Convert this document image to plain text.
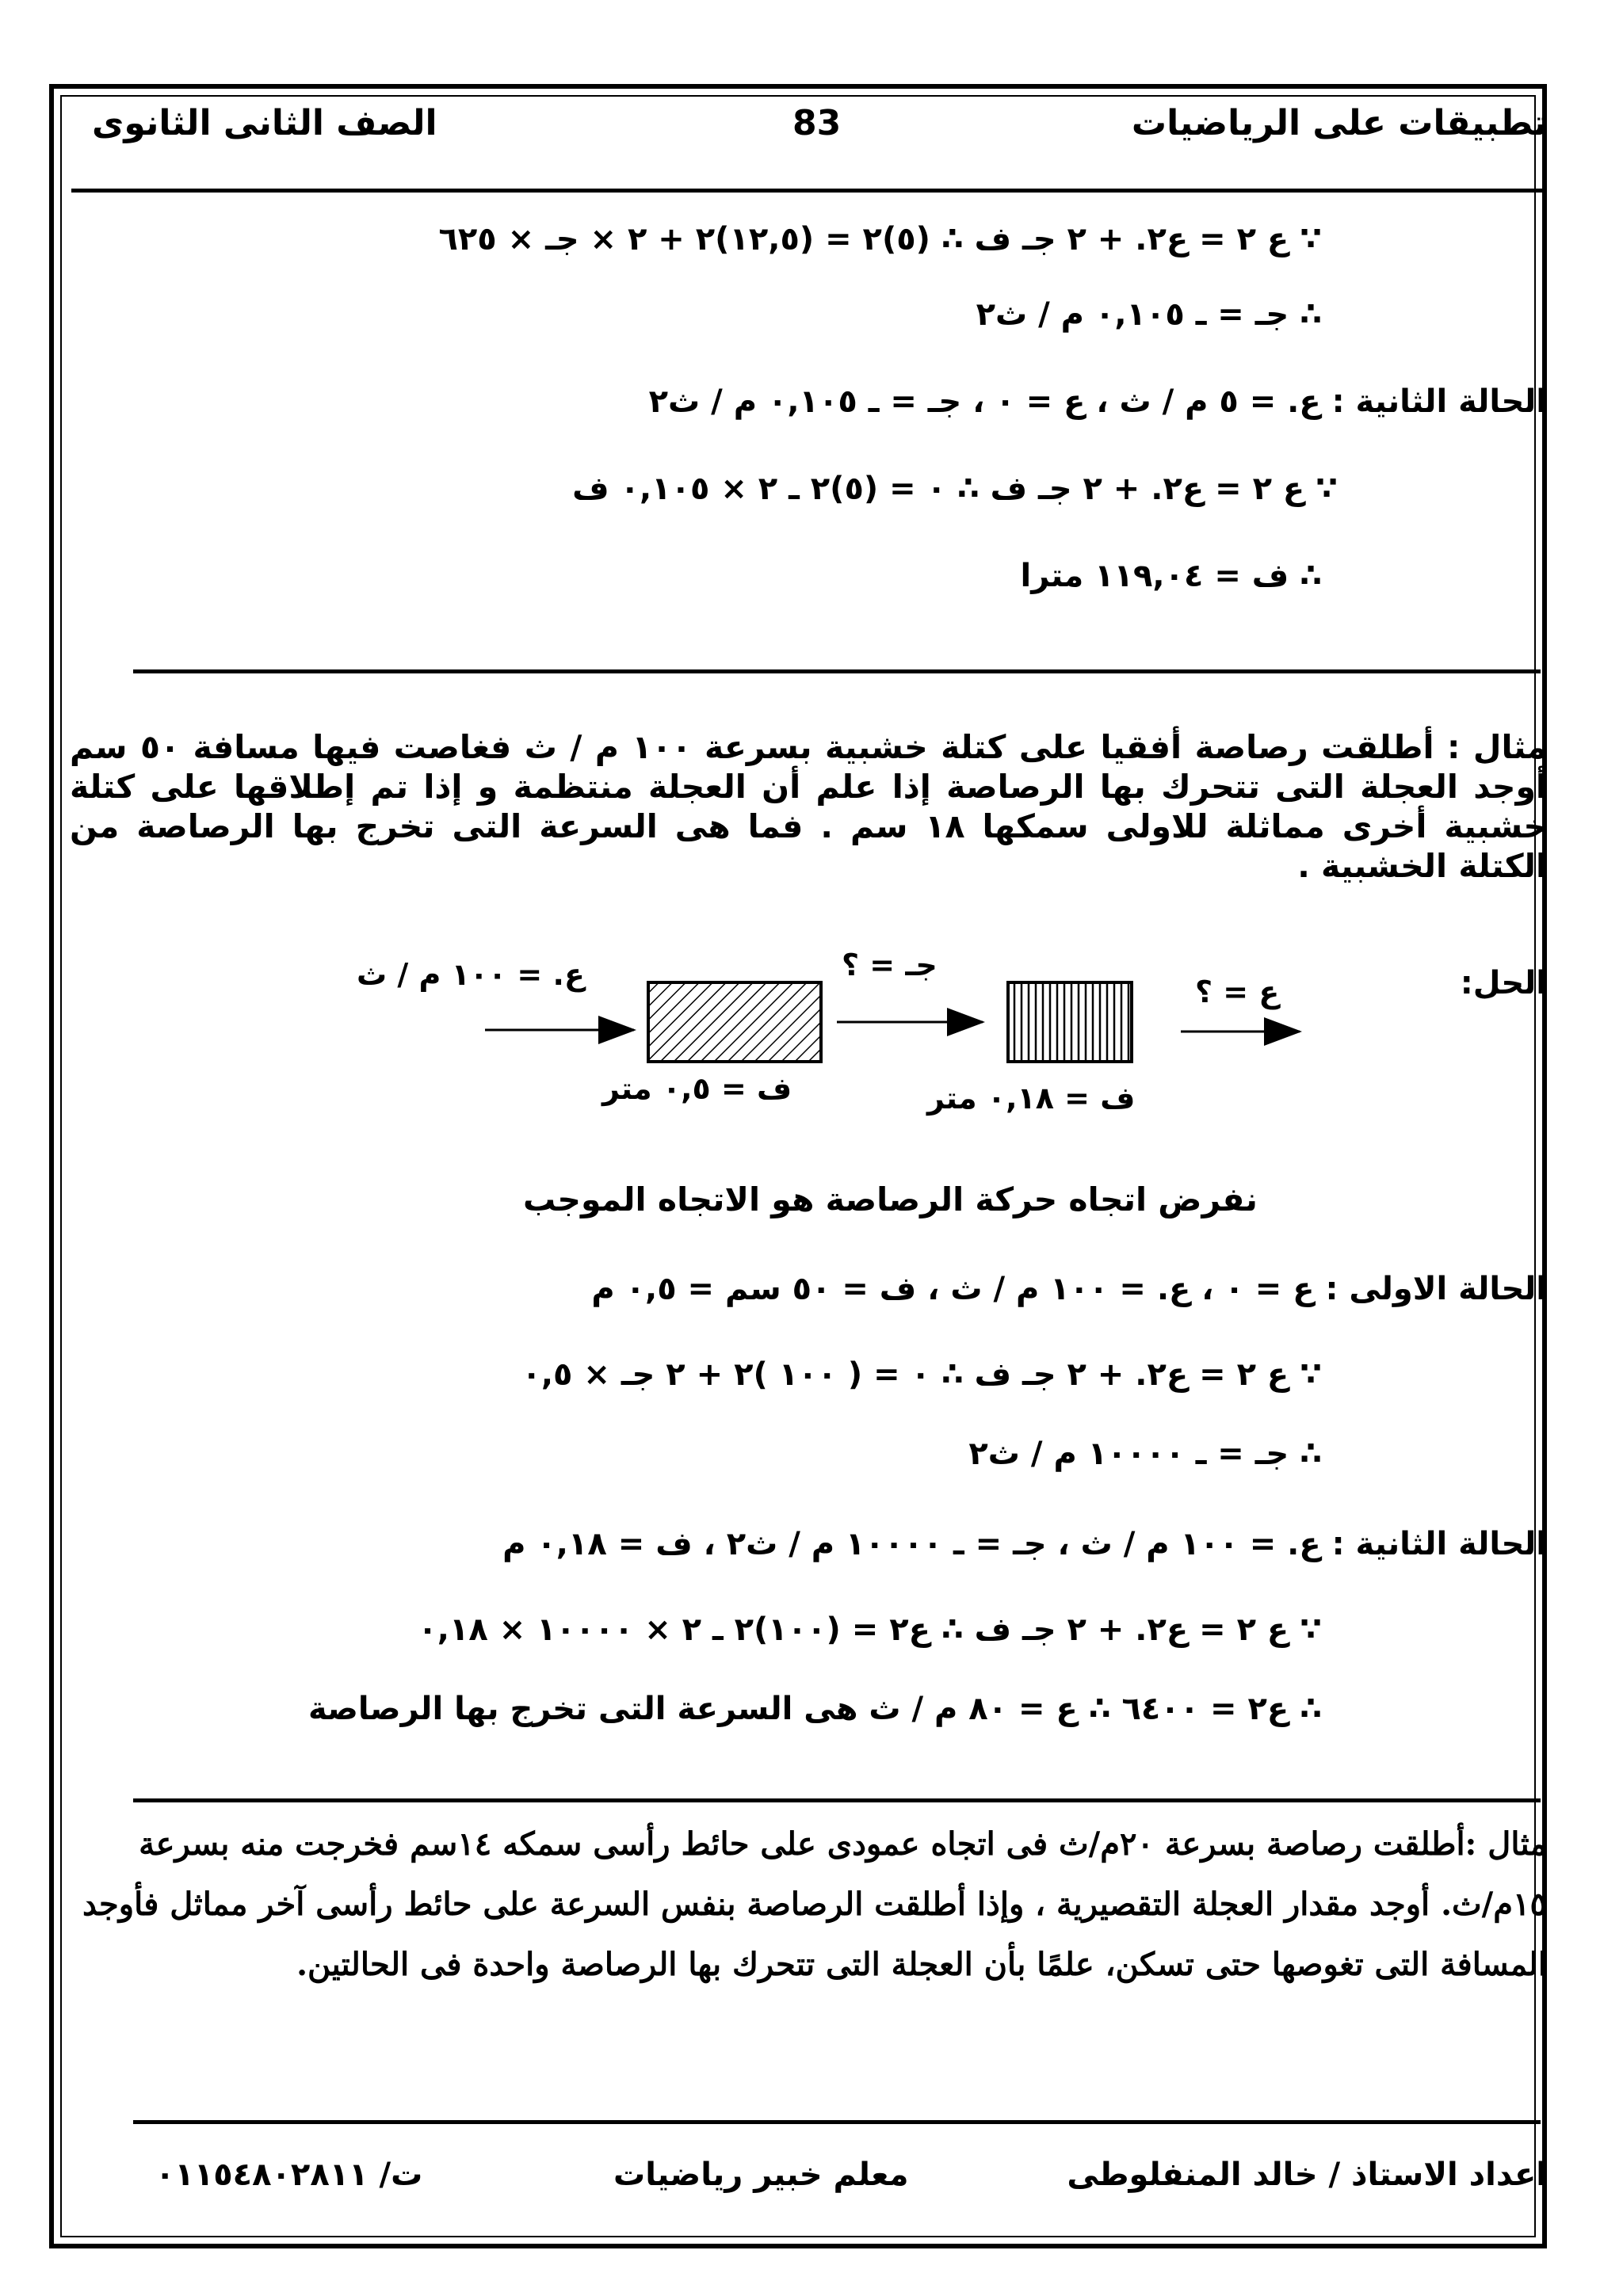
تطبيقات على الرياضيات
83
الصف الثانى الثانوى
∵ ع ۲ = ع۲. + ۲ جـ ف ∴ (٥)۲ = (۱۲,٥)۲ + ۲ × جـ × ٦۲٥
∴ جـ = ـ ۰,۱۰٥ م / ث۲
الحالة الثانية : ع. = ٥ م / ث ، ع = ۰ ، جـ = ـ ۰,۱۰٥ م / ث۲
∵ ع ۲ = ع۲. + ۲ جـ ف ∴ ۰ = (٥)۲ ـ ۲ × ۰,۱۰٥ ف
∴ ف = ۱۱۹,۰٤ مترا
مثال : أطلقت رصاصة أفقيا على كتلة خشبية بسرعة ۱۰۰ م / ث فغاصت فيها مسافة ٥۰ سم أوجد العجلة التى تتحرك بها الرصاصة إذا علم أن العجلة منتظمة و إذا تم إطلاقها على كتلة خشبية أخرى مماثلة للاولى سمكها ۱۸ سم . فما هى السرعة التى تخرج بها الرصاصة من الكتلة الخشبية .
الحل:
ع. = ۱۰۰ م / ث	جـ = ؟
ع = ؟
ف = ۰,٥ متر	ف = ۰,۱۸ متر
نفرض اتجاه حركة الرصاصة هو الاتجاه الموجب
الحالة الاولى : ع = ۰ ، ع. = ۱۰۰ م / ث ، ف = ٥۰ سم = ۰,٥ م
∵ ع ۲ = ع۲. + ۲ جـ ف ∴ ۰ = ( ۱۰۰ )۲ + ۲ جـ × ۰,٥
∴ جـ = ـ ۱۰۰۰۰ م / ث۲
الحالة الثانية : ع. = ۱۰۰ م / ث ، جـ = ـ ۱۰۰۰۰ م / ث۲ ، ف = ۰,۱۸ م
∵ ع ۲ = ع۲. + ۲ جـ ف ∴ ع۲ = (۱۰۰)۲ ـ ۲ × ۱۰۰۰۰ × ۰,۱۸
∴ ع۲ = ٦٤۰۰ ∴ ع = ۸۰ م / ث هى السرعة التى تخرج بها الرصاصة
مثال :أطلقت رصاصة بسرعة ٢٠م/ث فى اتجاه عمودى على حائط رأسى سمكه ١٤سم فخرجت منه بسرعة ١٥م/ث. أوجد مقدار العجلة التقصيرية ، وإذا أطلقت الرصاصة بنفس السرعة على حائط رأسى آخر مماثل فأوجد المسافة التى تغوصها حتى تسكن، علمًا بأن العجلة التى تتحرك بها الرصاصة واحدة فى الحالتين.
اعداد الاستاذ / خالد المنفلوطى
معلم خبير رياضيات
ت/ ۰۱۱٥٤۸۰۲۸۱۱
